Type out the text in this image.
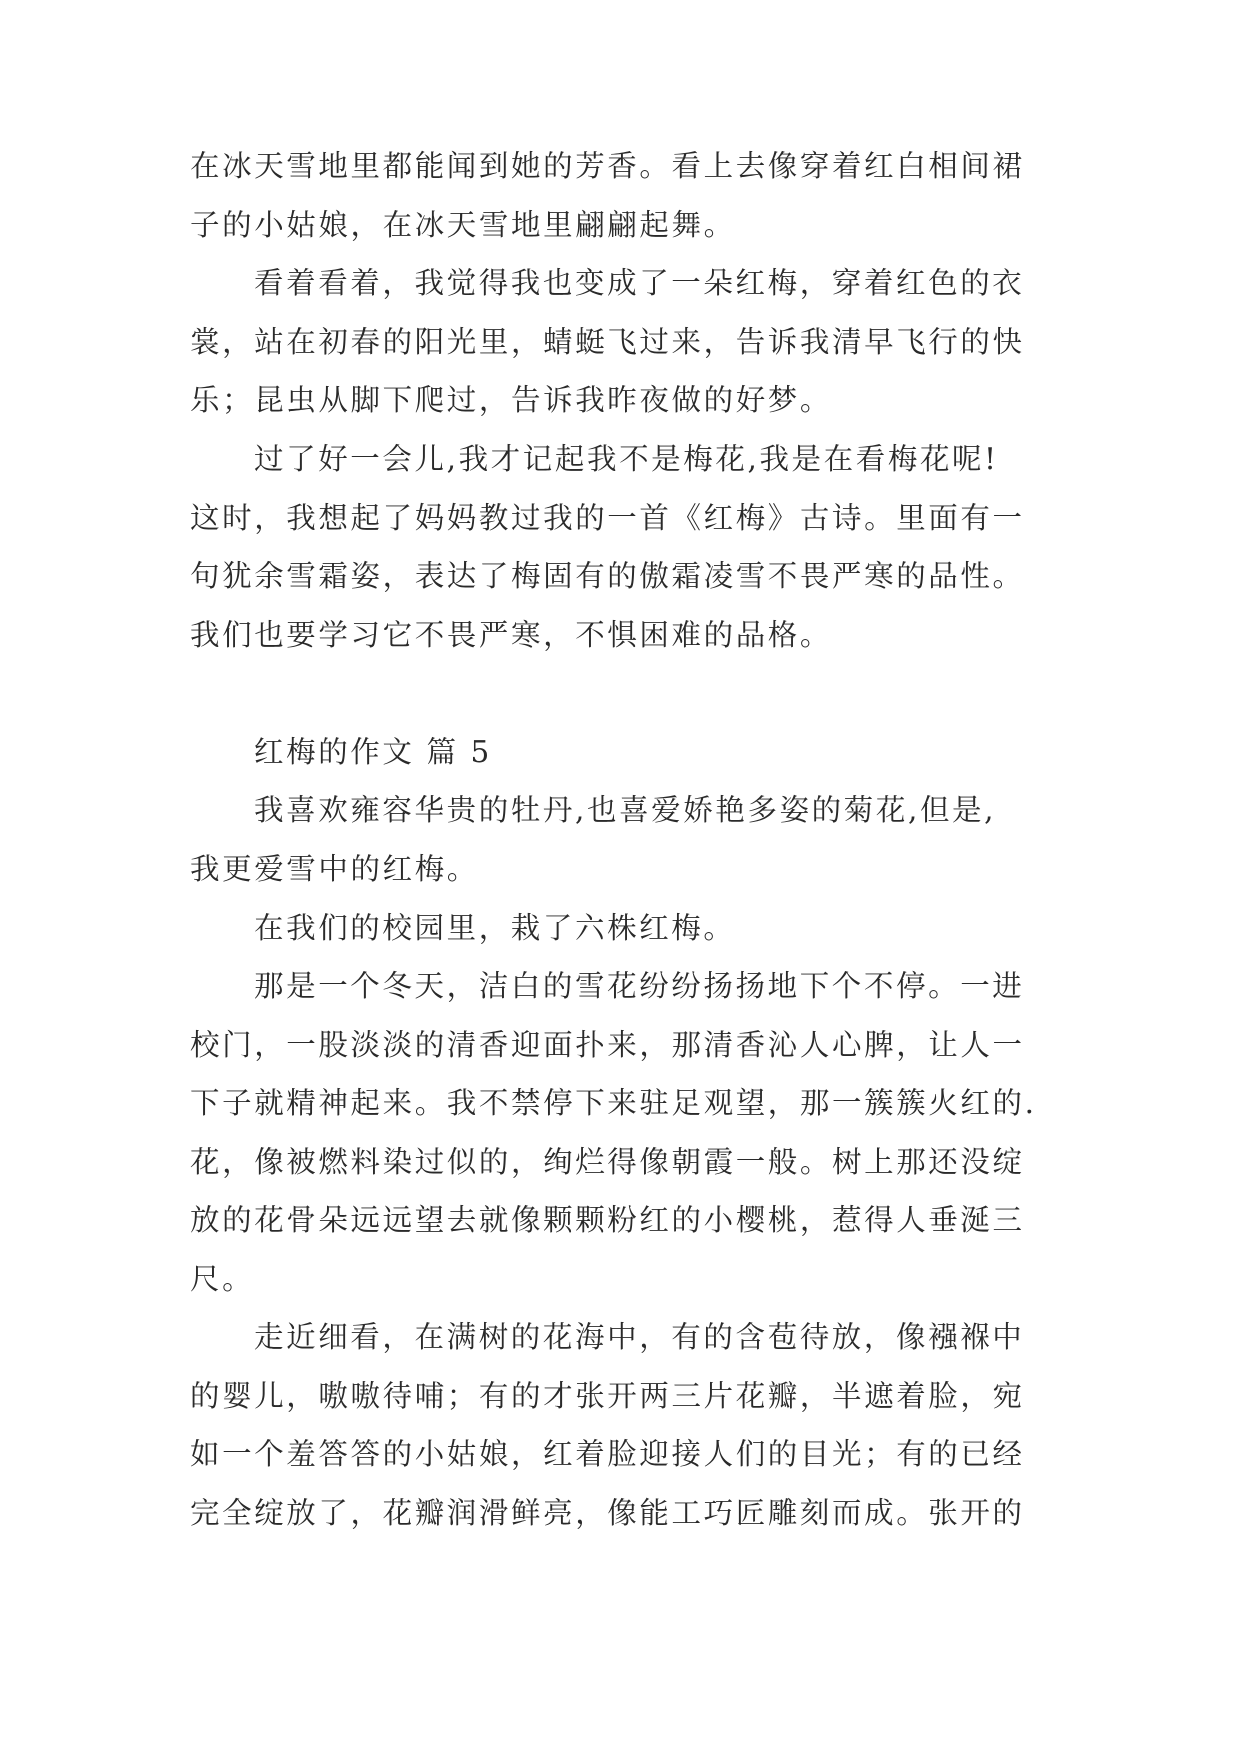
在冰天雪地里都能闻到她的芳香。看上去像穿着红白相间裙
子的小姑娘，在冰天雪地里翩翩起舞。
看着看着，我觉得我也变成了一朵红梅，穿着红色的衣
裳，站在初春的阳光里，蜻蜓飞过来，告诉我清早飞行的快
乐；昆虫从脚下爬过，告诉我昨夜做的好梦。
过了好一会儿,我才记起我不是梅花,我是在看梅花呢!
这时，我想起了妈妈教过我的一首《红梅》古诗。里面有一
句犹余雪霜姿，表达了梅固有的傲霜凌雪不畏严寒的品性。
我们也要学习它不畏严寒，不惧困难的品格。
红梅的作文 篇 5
我喜欢雍容华贵的牡丹,也喜爱娇艳多姿的菊花,但是,
我更爱雪中的红梅。
在我们的校园里，栽了六株红梅。
那是一个冬天，洁白的雪花纷纷扬扬地下个不停。一进
校门，一股淡淡的清香迎面扑来，那清香沁人心脾，让人一
下子就精神起来。我不禁停下来驻足观望，那一簇簇火红的.
花，像被燃料染过似的，绚烂得像朝霞一般。树上那还没绽
放的花骨朵远远望去就像颗颗粉红的小樱桃，惹得人垂涎三
尺。
走近细看，在满树的花海中，有的含苞待放，像襁褓中
的婴儿，嗷嗷待哺；有的才张开两三片花瓣，半遮着脸，宛
如一个羞答答的小姑娘，红着脸迎接人们的目光；有的已经
完全绽放了，花瓣润滑鲜亮，像能工巧匠雕刻而成。张开的
